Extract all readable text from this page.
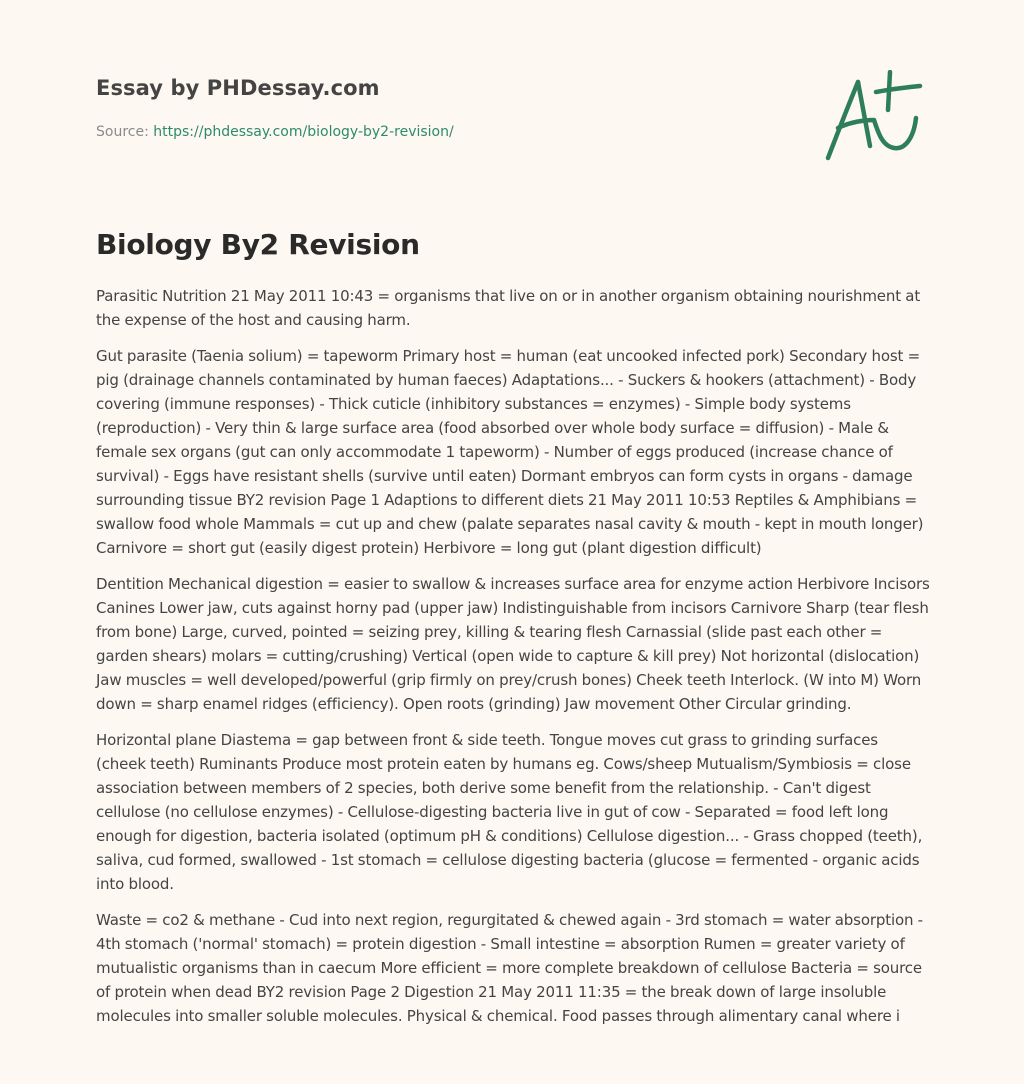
Essay by PHDessay.com
Source: https://phdessay.com/biology-by2-revision/
Biology By2 Revision

Parasitic Nutrition 21 May 2011 10:43 = organisms that live on or in another organism obtaining nourishment at the expense of the host and causing harm.

Gut parasite (Taenia solium) = tapeworm Primary host = human (eat uncooked infected pork) Secondary host = pig (drainage channels contaminated by human faeces) Adaptations... - Suckers & hookers (attachment) - Body covering (immune responses) - Thick cuticle (inhibitory substances = enzymes) - Simple body systems (reproduction) - Very thin & large surface area (food absorbed over whole body surface = diffusion) - Male & female sex organs (gut can only accommodate 1 tapeworm) - Number of eggs produced (increase chance of survival) - Eggs have resistant shells (survive until eaten) Dormant embryos can form cysts in organs - damage surrounding tissue BY2 revision Page 1 Adaptions to different diets 21 May 2011 10:53 Reptiles & Amphibians = swallow food whole Mammals = cut up and chew (palate separates nasal cavity & mouth - kept in mouth longer) Carnivore = short gut (easily digest protein) Herbivore = long gut (plant digestion difficult)

Dentition Mechanical digestion = easier to swallow & increases surface area for enzyme action Herbivore Incisors Canines Lower jaw, cuts against horny pad (upper jaw) Indistinguishable from incisors Carnivore Sharp (tear flesh from bone) Large, curved, pointed = seizing prey, killing & tearing flesh Carnassial (slide past each other = garden shears) molars = cutting/crushing) Vertical (open wide to capture & kill prey) Not horizontal (dislocation) Jaw muscles = well developed/powerful (grip firmly on prey/crush bones) Cheek teeth Interlock. (W into M) Worn down = sharp enamel ridges (efficiency). Open roots (grinding) Jaw movement Other Circular grinding.

Horizontal plane Diastema = gap between front & side teeth. Tongue moves cut grass to grinding surfaces (cheek teeth) Ruminants Produce most protein eaten by humans eg. Cows/sheep Mutualism/Symbiosis = close association between members of 2 species, both derive some benefit from the relationship. - Can't digest cellulose (no cellulose enzymes) - Cellulose-digesting bacteria live in gut of cow - Separated = food left long enough for digestion, bacteria isolated (optimum pH & conditions) Cellulose digestion... - Grass chopped (teeth), saliva, cud formed, swallowed - 1st stomach = cellulose digesting bacteria (glucose = fermented - organic acids into blood.

Waste = co2 & methane - Cud into next region, regurgitated & chewed again - 3rd stomach = water absorption - 4th stomach ('normal' stomach) = protein digestion - Small intestine = absorption Rumen = greater variety of mutualistic organisms than in caecum More efficient = more complete breakdown of cellulose Bacteria = source of protein when dead BY2 revision Page 2 Digestion 21 May 2011 11:35 = the break down of large insoluble molecules into smaller soluble molecules. Physical & chemical. Food passes through alimentary canal where i
